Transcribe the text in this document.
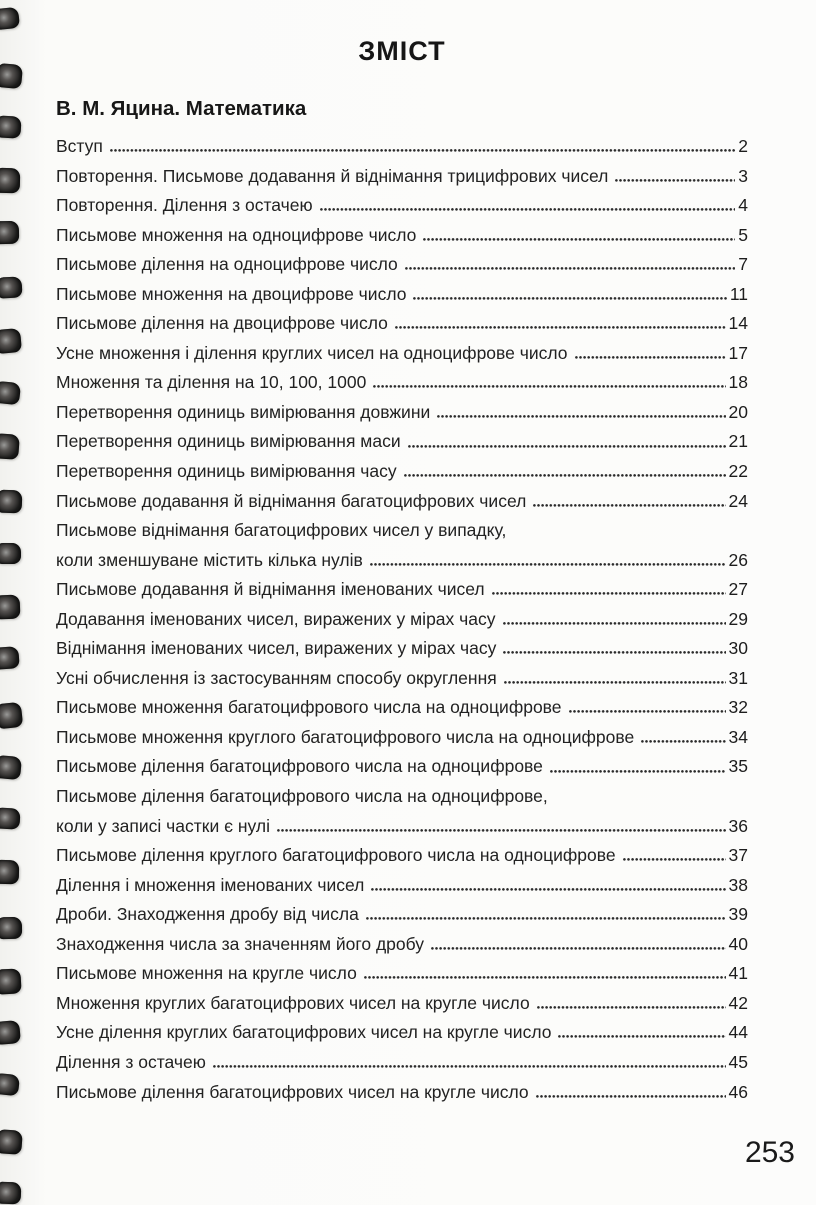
ЗМІСТ
В. М. Яцина. Математика
Вступ	2
Повторення. Письмове додавання й віднімання трицифрових чисел	3
Повторення. Ділення з остачею	4
Письмове множення на одноцифрове число	5
Письмове ділення на одноцифрове число	7
Письмове множення на двоцифрове число	11
Письмове ділення на двоцифрове число	14
Усне множення і ділення круглих чисел на одноцифрове число	17
Множення та ділення на 10, 100, 1000	18
Перетворення одиниць вимірювання довжини	20
Перетворення одиниць вимірювання маси	21
Перетворення одиниць вимірювання часу	22
Письмове додавання й віднімання багатоцифрових чисел	24
Письмове віднімання багатоцифрових чисел у випадку,
коли зменшуване містить кілька нулів	26
Письмове додавання й віднімання іменованих чисел	27
Додавання іменованих чисел, виражених у мірах часу	29
Віднімання іменованих чисел, виражених у мірах часу	30
Усні обчислення із застосуванням способу округлення	31
Письмове множення багатоцифрового числа на одноцифрове	32
Письмове множення круглого багатоцифрового числа на одноцифрове	34
Письмове ділення багатоцифрового числа на одноцифрове	35
Письмове ділення багатоцифрового числа на одноцифрове,
коли у записі частки є нулі	36
Письмове ділення круглого багатоцифрового числа на одноцифрове	37
Ділення і множення іменованих чисел	38
Дроби. Знаходження дробу від числа	39
Знаходження числа за значенням його дробу	40
Письмове множення на кругле число	41
Множення круглих багатоцифрових чисел на кругле число	42
Усне ділення круглих багатоцифрових чисел на кругле число	44
Ділення з остачею	45
Письмове ділення багатоцифрових чисел на кругле число	46
253
